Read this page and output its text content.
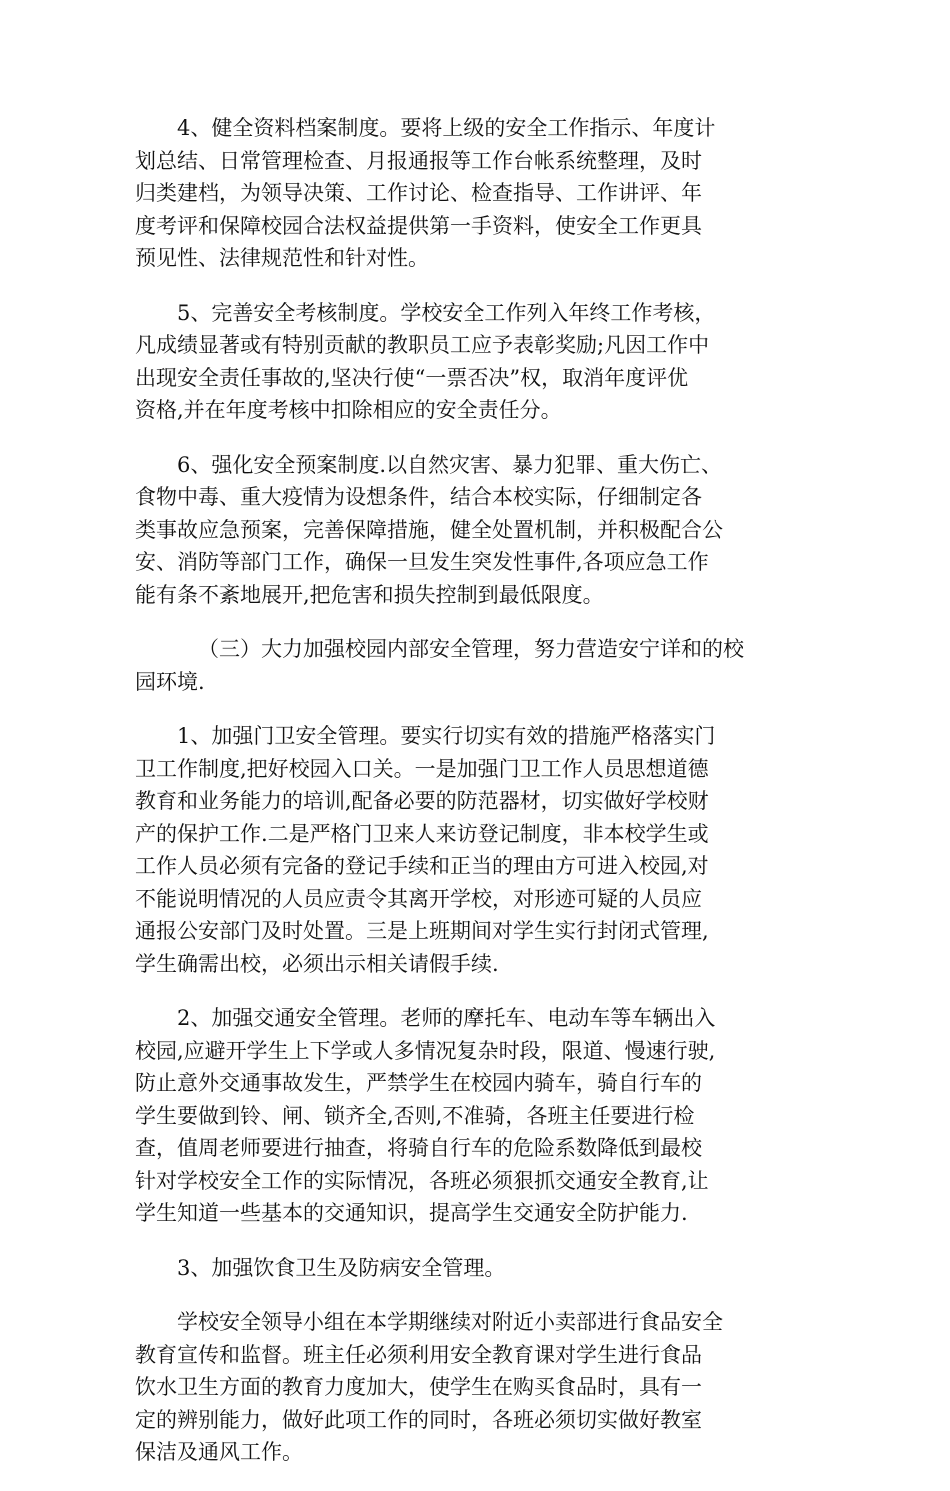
4、健全资料档案制度。要将上级的安全工作指示、年度计
划总结、日常管理检查、月报通报等工作台帐系统整理，及时
归类建档，为领导决策、工作讨论、检查指导、工作讲评、年
度考评和保障校园合法权益提供第一手资料，使安全工作更具
预见性、法律规范性和针对性。

5、完善安全考核制度。学校安全工作列入年终工作考核，
凡成绩显著或有特别贡献的教职员工应予表彰奖励;凡因工作中
出现安全责任事故的,坚决行使“一票否决”权，取消年度评优
资格,并在年度考核中扣除相应的安全责任分。

6、强化安全预案制度.以自然灾害、暴力犯罪、重大伤亡、
食物中毒、重大疫情为设想条件，结合本校实际，仔细制定各
类事故应急预案，完善保障措施，健全处置机制，并积极配合公
安、消防等部门工作，确保一旦发生突发性事件,各项应急工作
能有条不紊地展开,把危害和损失控制到最低限度。

（三）大力加强校园内部安全管理，努力营造安宁详和的校
园环境.

1、加强门卫安全管理。要实行切实有效的措施严格落实门
卫工作制度,把好校园入口关。一是加强门卫工作人员思想道德
教育和业务能力的培训,配备必要的防范器材，切实做好学校财
产的保护工作.二是严格门卫来人来访登记制度，非本校学生或
工作人员必须有完备的登记手续和正当的理由方可进入校园,对
不能说明情况的人员应责令其离开学校，对形迹可疑的人员应
通报公安部门及时处置。三是上班期间对学生实行封闭式管理,
学生确需出校，必须出示相关请假手续.

2、加强交通安全管理。老师的摩托车、电动车等车辆出入
校园,应避开学生上下学或人多情况复杂时段，限道、慢速行驶,
防止意外交通事故发生，严禁学生在校园内骑车，骑自行车的
学生要做到铃、闸、锁齐全,否则,不准骑，各班主任要进行检
查，值周老师要进行抽查，将骑自行车的危险系数降低到最校
针对学校安全工作的实际情况，各班必须狠抓交通安全教育,让
学生知道一些基本的交通知识，提高学生交通安全防护能力.

3、加强饮食卫生及防病安全管理。

学校安全领导小组在本学期继续对附近小卖部进行食品安全
教育宣传和监督。班主任必须利用安全教育课对学生进行食品
饮水卫生方面的教育力度加大，使学生在购买食品时，具有一
定的辨别能力，做好此项工作的同时，各班必须切实做好教室
保洁及通风工作。
